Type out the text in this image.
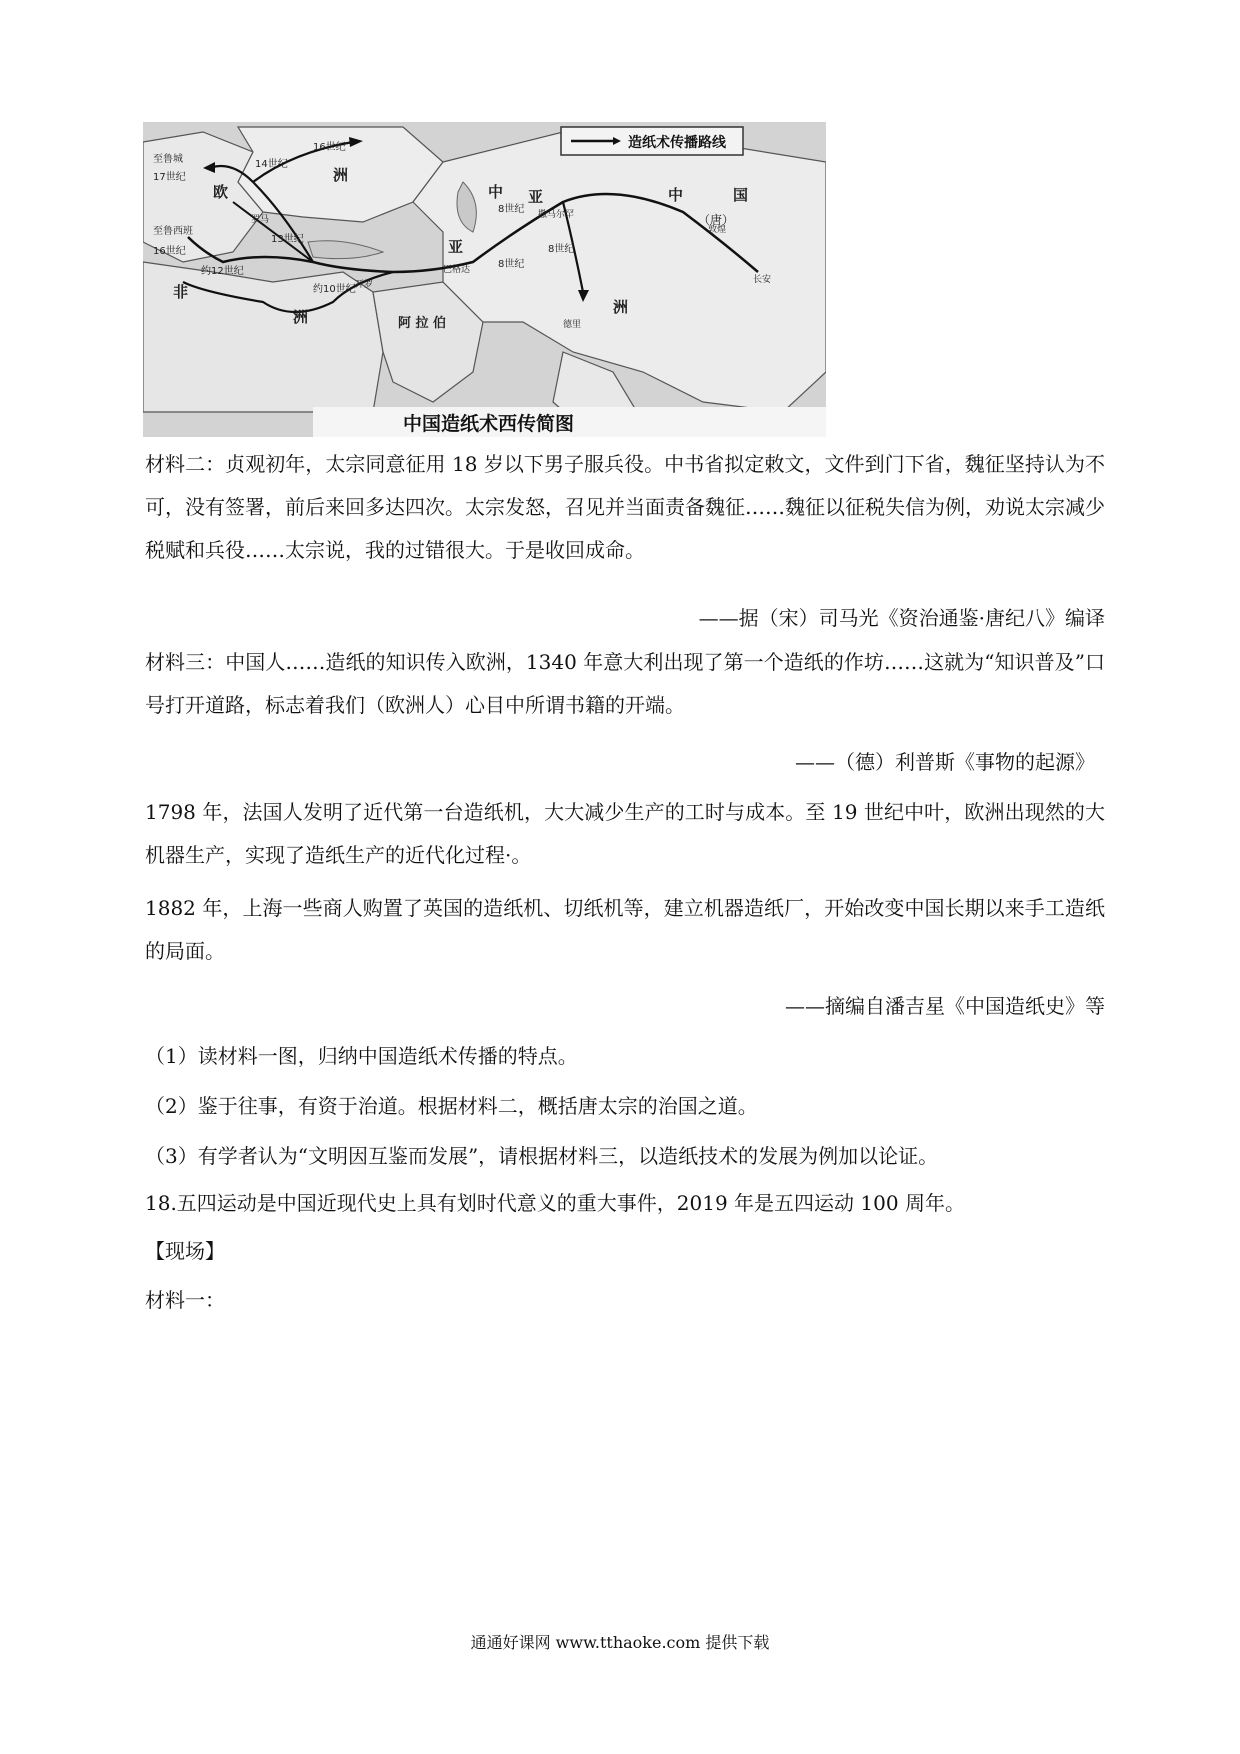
造纸术传播路线
欧
洲
亚
洲
中 亚	中	国
（唐）
非
洲	阿 拉 伯
长安
敦煌
撒马尔罕
巴格达
德里
开罗
罗马
13世纪
约12世纪
约10世纪
8世纪
8世纪
8世纪
14世纪
16世纪
17世纪
16世纪
至鲁城
至鲁西班
中国造纸术西传简图

材料二：贞观初年，太宗同意征用 18 岁以下男子服兵役。中书省拟定敕文，文件到门下省，魏征坚持认为不可，没有签署，前后来回多达四次。太宗发怒，召见并当面责备魏征……魏征以征税失信为例，劝说太宗减少税赋和兵役……太宗说，我的过错很大。于是收回成命。

——据（宋）司马光《资治通鉴·唐纪八》编译

材料三：中国人……造纸的知识传入欧洲，1340 年意大利出现了第一个造纸的作坊……这就为“知识普及”口号打开道路，标志着我们（欧洲人）心目中所谓书籍的开端。

——（德）利普斯《事物的起源》

1798 年，法国人发明了近代第一台造纸机，大大减少生产的工时与成本。至 19 世纪中叶，欧洲出现然的大机器生产，实现了造纸生产的近代化过程·。

1882 年，上海一些商人购置了英国的造纸机、切纸机等，建立机器造纸厂，开始改变中国长期以来手工造纸的局面。

——摘编自潘吉星《中国造纸史》等

（1）读材料一图，归纳中国造纸术传播的特点。

（2）鉴于往事，有资于治道。根据材料二，概括唐太宗的治国之道。

（3）有学者认为“文明因互鉴而发展”，请根据材料三，以造纸技术的发展为例加以论证。

18.五四运动是中国近现代史上具有划时代意义的重大事件，2019 年是五四运动 100 周年。

【现场】

材料一：

通通好课网 www.tthaoke.com 提供下载
